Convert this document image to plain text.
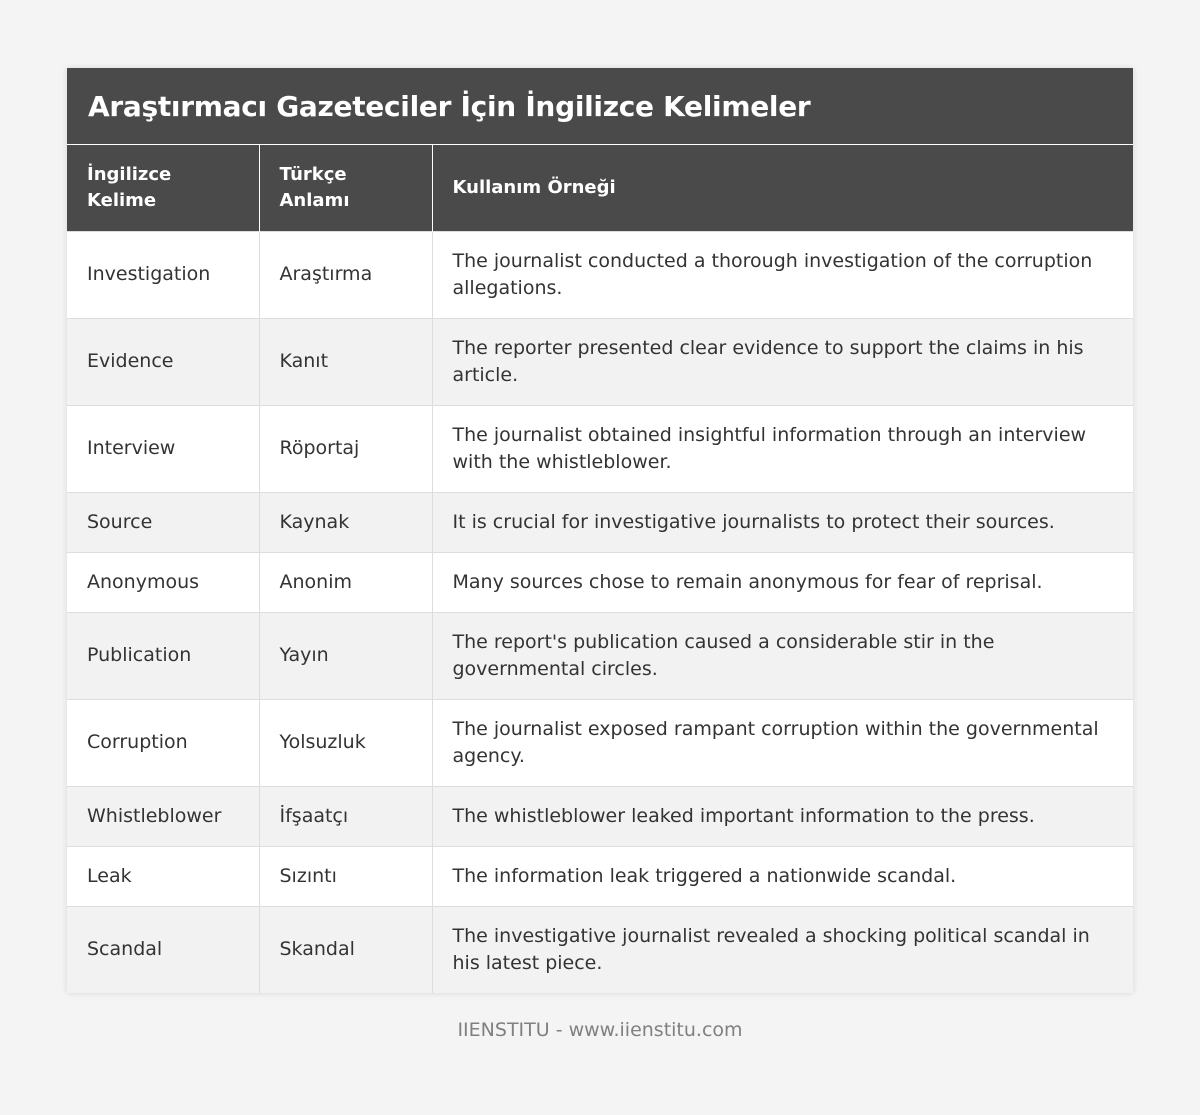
Araştırmacı Gazeteciler İçin İngilizce Kelimeler
İngilizce Kelime	Türkçe Anlamı	Kullanım Örneği
Investigation	Araştırma	The journalist conducted a thorough investigation of the corruption allegations.
Evidence	Kanıt	The reporter presented clear evidence to support the claims in his article.
Interview	Röportaj	The journalist obtained insightful information through an interview with the whistleblower.
Source	Kaynak	It is crucial for investigative journalists to protect their sources.
Anonymous	Anonim	Many sources chose to remain anonymous for fear of reprisal.
Publication	Yayın	The report's publication caused a considerable stir in the governmental circles.
Corruption	Yolsuzluk	The journalist exposed rampant corruption within the governmental agency.
Whistleblower	İfşaatçı	The whistleblower leaked important information to the press.
Leak	Sızıntı	The information leak triggered a nationwide scandal.
Scandal	Skandal	The investigative journalist revealed a shocking political scandal in his latest piece.
IIENSTITU - www.iienstitu.com
